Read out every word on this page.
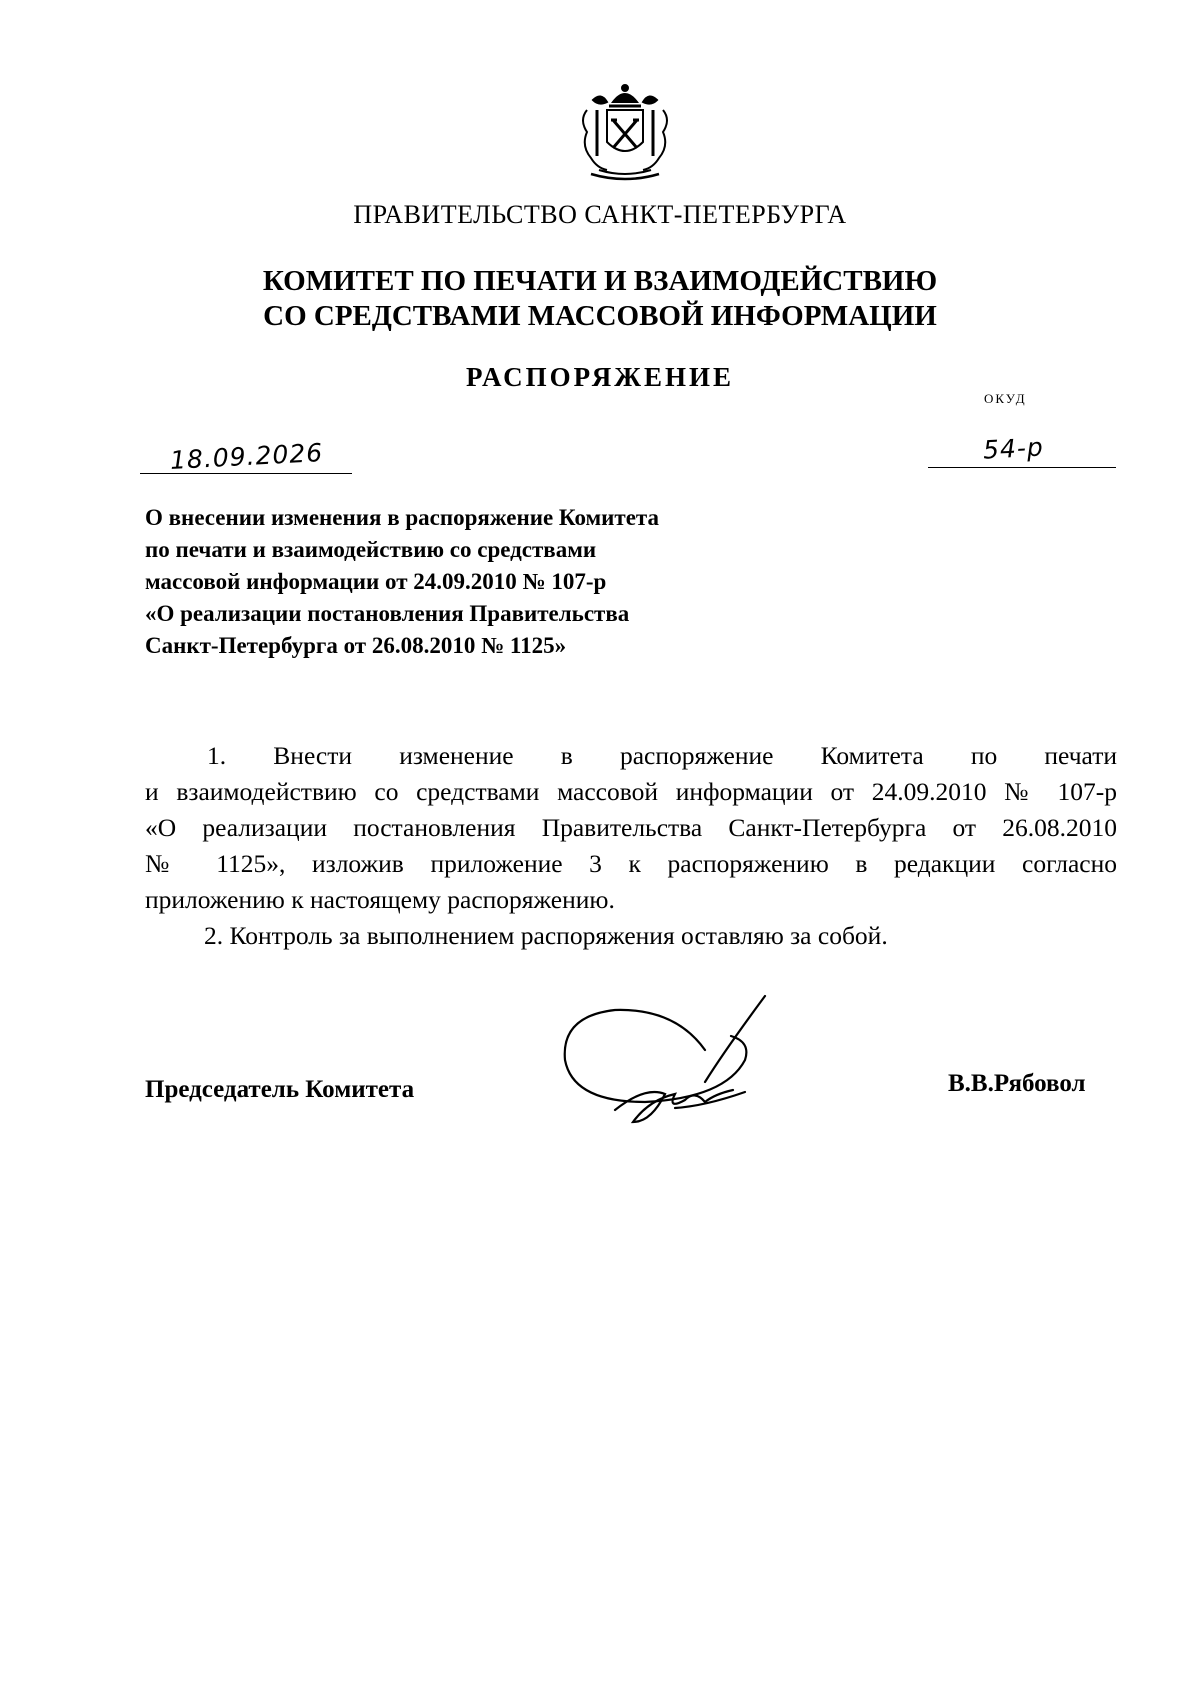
ПРАВИТЕЛЬСТВО САНКТ-ПЕТЕРБУРГА
КОМИТЕТ ПО ПЕЧАТИ И ВЗАИМОДЕЙСТВИЮ
СО СРЕДСТВАМИ МАССОВОЙ ИНФОРМАЦИИ
РАСПОРЯЖЕНИЕ
ОКУД
18.09.2026	54-р
О внесении изменения в распоряжение Комитета
по печати и взаимодействию со средствами
массовой информации от 24.09.2010 № 107-р
«О реализации постановления Правительства
Санкт-Петербурга от 26.08.2010 № 1125»
1. Внести изменение в распоряжение Комитета по печати
и взаимодействию со средствами массовой информации от 24.09.2010 № 107-р
«О реализации постановления Правительства Санкт-Петербурга от 26.08.2010
№ 1125», изложив приложение 3 к распоряжению в редакции согласно
приложению к настоящему распоряжению.
2. Контроль за выполнением распоряжения оставляю за собой.
Председатель Комитета	В.В.Рябовол
